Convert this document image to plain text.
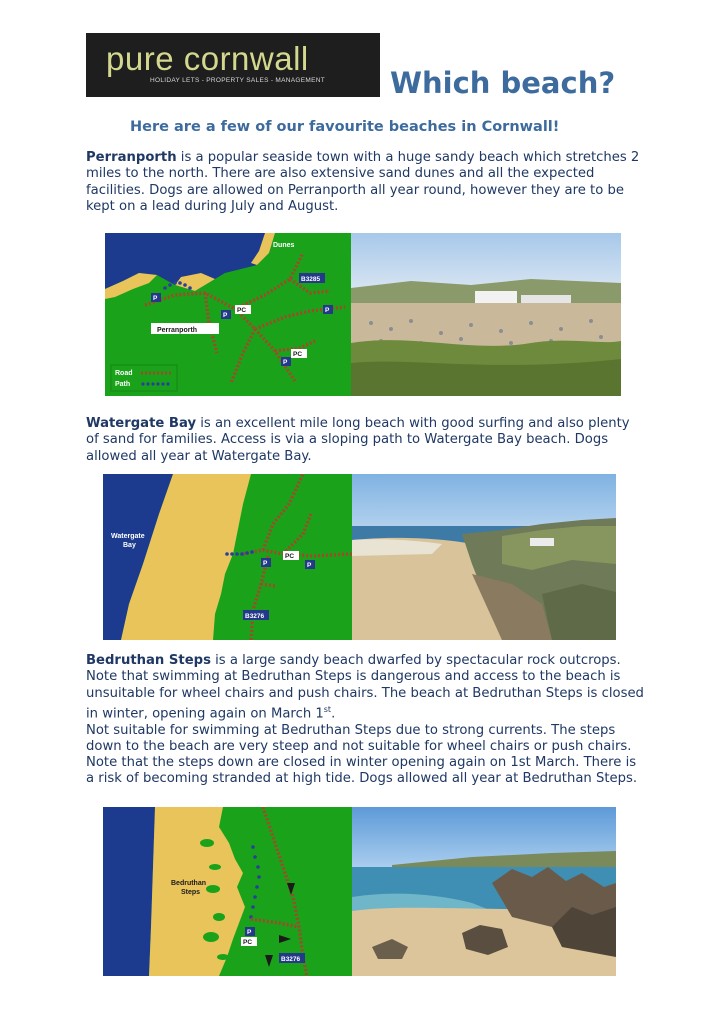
pure cornwall
HOLIDAY LETS - PROPERTY SALES - MANAGEMENT Which beach?
Here are a few of our favourite beaches in Cornwall!

Perranporth is a popular seaside town with a huge sandy beach which stretches 2 miles to the north. There are also extensive sand dunes and all the expected facilities. Dogs are allowed on Perranporth all year round, however they are to be kept on a lead during July and August.

Dunes
B3285
Perranporth
PC
PC
P
P
P
P
Road
Path

Watergate Bay is an excellent mile long beach with good surfing and also plenty of sand for families. Access is via a sloping path to Watergate Bay beach. Dogs allowed all year at Watergate Bay.

Watergate
Bay
PC
P	P
B3276

Bedruthan Steps is a large sandy beach dwarfed by spectacular rock outcrops. Note that swimming at Bedruthan Steps is dangerous and access to the beach is unsuitable for wheel chairs and push chairs. The beach at Bedruthan Steps is closed in winter, opening again on March 1st.
Not suitable for swimming at Bedruthan Steps due to strong currents. The steps down to the beach are very steep and not suitable for wheel chairs or push chairs. Note that the steps down are closed in winter opening again on 1st March. There is a risk of becoming stranded at high tide. Dogs allowed all year at Bedruthan Steps.

Bedruthan
Steps
P
PC
B3276
